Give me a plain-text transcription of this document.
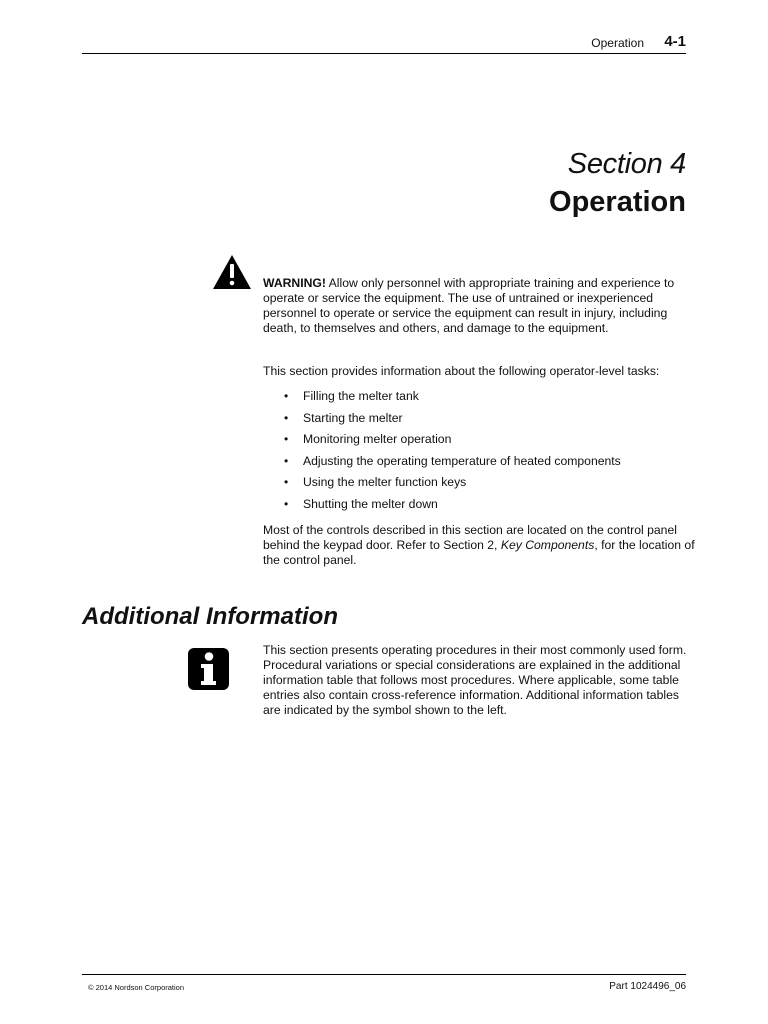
Operation 4-1
Section 4
Operation
WARNING! Allow only personnel with appropriate training and experience to operate or service the equipment. The use of untrained or inexperienced personnel to operate or service the equipment can result in injury, including death, to themselves and others, and damage to the equipment.
This section provides information about the following operator-level tasks:
• Filling the melter tank
• Starting the melter
• Monitoring melter operation
• Adjusting the operating temperature of heated components
• Using the melter function keys
• Shutting the melter down
Most of the controls described in this section are located on the control panel behind the keypad door. Refer to Section 2, Key Components, for the location of the control panel.
Additional Information
This section presents operating procedures in their most commonly used form. Procedural variations or special considerations are explained in the additional information table that follows most procedures. Where applicable, some table entries also contain cross-reference information. Additional information tables are indicated by the symbol shown to the left.
© 2014 Nordson Corporation	Part 1024496_06
